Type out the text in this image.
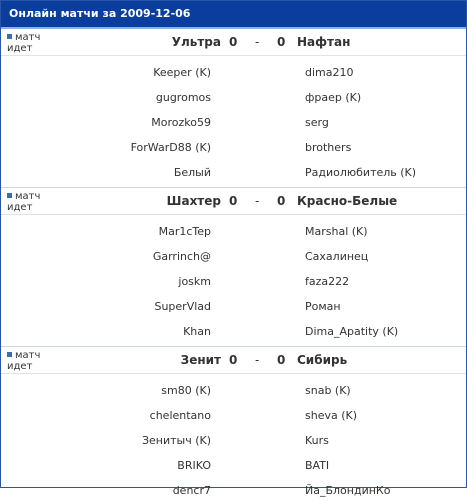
Онлайн матчи за 2009-12-06
матч идет	Ультра 0 - 0 Нафтан
Keeper (K)	dima210
gugromos	фраер (K)
Morozko59	serg
ForWarD88 (K)	brothers
Белый	Радиолюбитель (K)
матч идет	Шахтер 0 - 0 Красно-Белые
Mar1cTep	Marshal (K)
Garrinch@	Сахалинец
joskm	faza222
SuperVlad	Роман
Khan	Dima_Apatity (K)
матч идет	Зенит 0 - 0 Сибирь
sm80 (K)	snab (K)
chelentano	sheva (K)
Зенитыч (K)	Kurs
BRIKO	BATI
dencr7	Йа_БлондинКо
